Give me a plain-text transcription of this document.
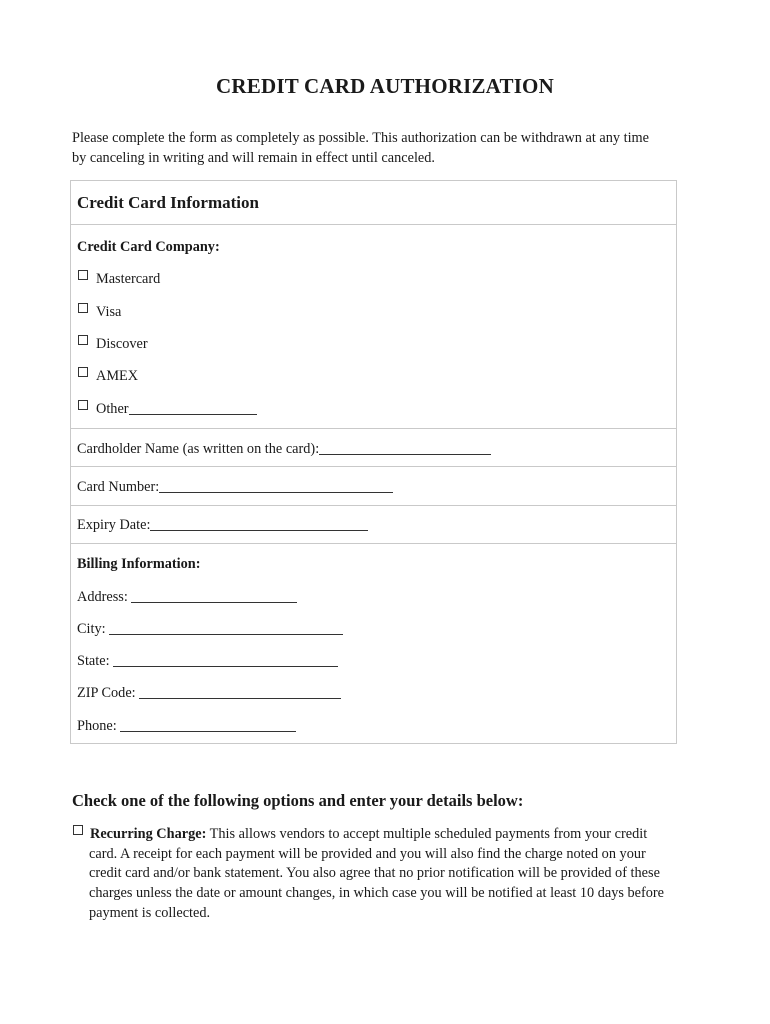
CREDIT CARD AUTHORIZATION
Please complete the form as completely as possible. This authorization can be withdrawn at any time
by canceling in writing and will remain in effect until canceled.
Credit Card Information
Credit Card Company:
Mastercard
Visa
Discover
AMEX
Other
Cardholder Name (as written on the card):
Card Number:
Expiry Date:
Billing Information:
Address:
City:
State:
ZIP Code:
Phone:
Check one of the following options and enter your details below:
Recurring Charge: This allows vendors to accept multiple scheduled payments from your credit
card. A receipt for each payment will be provided and you will also find the charge noted on your
credit card and/or bank statement. You also agree that no prior notification will be provided of these
charges unless the date or amount changes, in which case you will be notified at least 10 days before
payment is collected.
